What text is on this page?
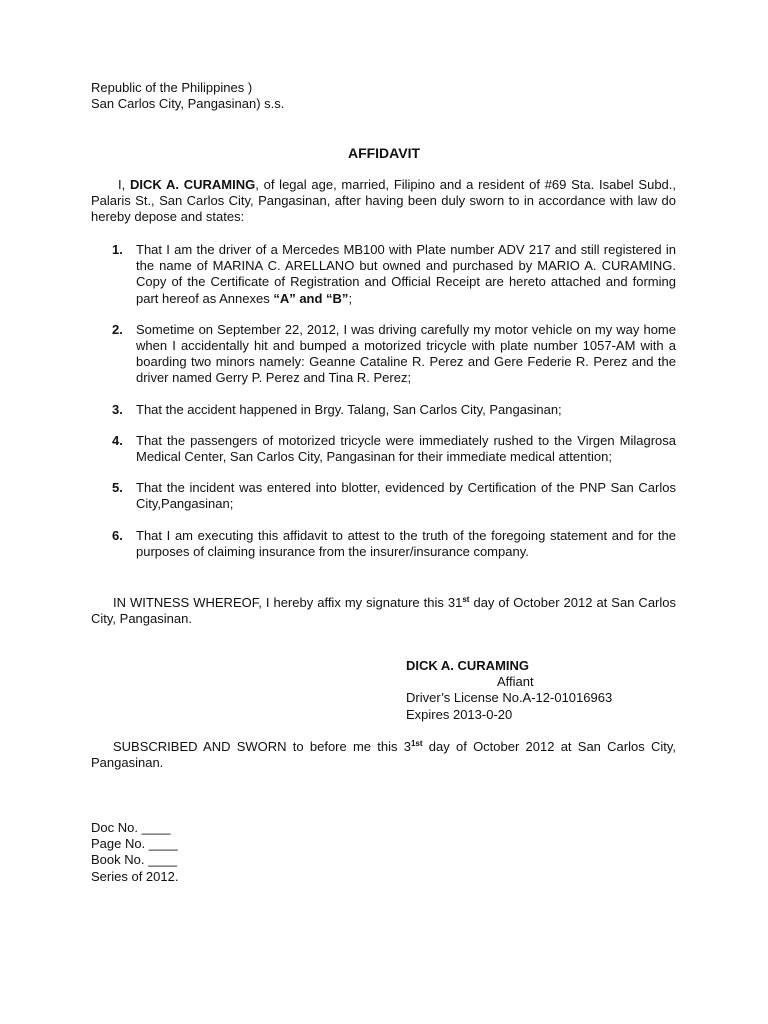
Republic of the Philippines )
San Carlos City, Pangasinan) s.s.
AFFIDAVIT
I, DICK A. CURAMING, of legal age, married, Filipino and a resident of #69 Sta. Isabel Subd., Palaris St., San Carlos City, Pangasinan, after having been duly sworn to in accordance with law do hereby depose and states:
1. That I am the driver of a Mercedes MB100 with Plate number ADV 217 and still registered in the name of MARINA C. ARELLANO but owned and purchased by MARIO A. CURAMING. Copy of the Certificate of Registration and Official Receipt are hereto attached and forming part hereof as Annexes “A” and “B”;
2. Sometime on September 22, 2012, I was driving carefully my motor vehicle on my way home when I accidentally hit and bumped a motorized tricycle with plate number 1057-AM with a boarding two minors namely: Geanne Cataline R. Perez and Gere Federie R. Perez and the driver named Gerry P. Perez and Tina R. Perez;
3. That the accident happened in Brgy. Talang, San Carlos City, Pangasinan;
4. That the passengers of motorized tricycle were immediately rushed to the Virgen Milagrosa Medical Center, San Carlos City, Pangasinan for their immediate medical attention;
5. That the incident was entered into blotter, evidenced by Certification of the PNP San Carlos City,Pangasinan;
6. That I am executing this affidavit to attest to the truth of the foregoing statement and for the purposes of claiming insurance from the insurer/insurance company.
IN WITNESS WHEREOF, I hereby affix my signature this 31st day of October 2012 at San Carlos City, Pangasinan.
DICK A. CURAMING
Affiant
Driver’s License No.A-12-01016963
Expires 2013-0-20
SUBSCRIBED AND SWORN to before me this $3^{1st}$ day of October 2012 at San Carlos City, Pangasinan.
Doc No. ____
Page No. ____
Book No. ____
Series of 2012.
